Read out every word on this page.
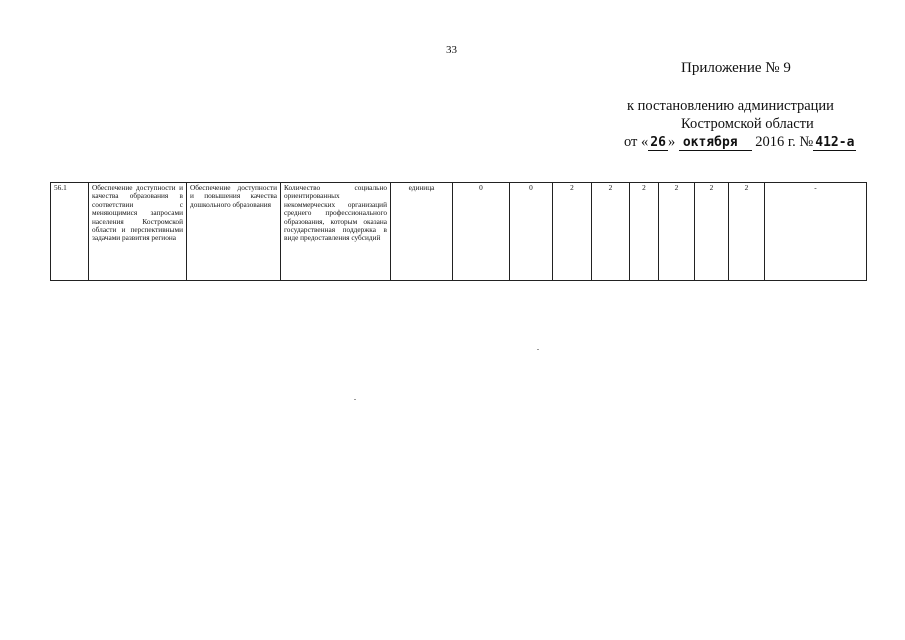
33
Приложение № 9
к постановлению администрации
Костромской области
от « 26 » октября 2016 г. № 412-а
56.1	Обеспечение доступности и качества образования в соответствии с меняющимися запросами населения Костромской области и перспективными задачами развития региона	Обеспечение доступности и повышения качества дошкольного образования	Количество социально ориентированных некоммерческих организаций среднего профессионального образования, которым оказана государственная поддержка в виде предоставления субсидий	единица	0	0	2	2	2	2	2	2	-
